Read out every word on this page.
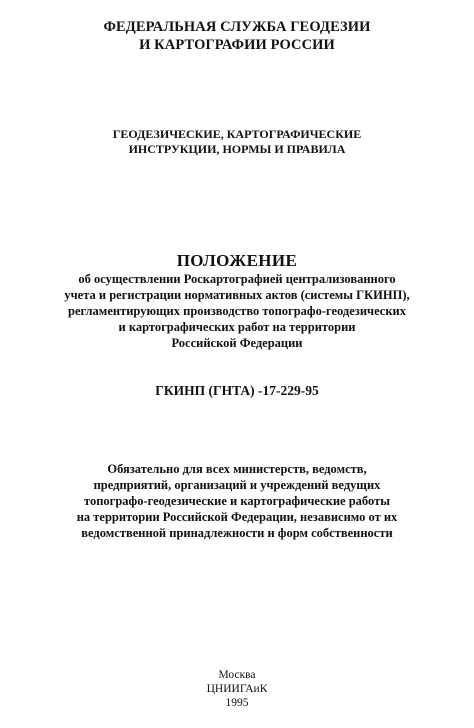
ФЕДЕРАЛЬНАЯ СЛУЖБА ГЕОДЕЗИИ
И КАРТОГРАФИИ РОССИИ
ГЕОДЕЗИЧЕСКИЕ, КАРТОГРАФИЧЕСКИЕ
ИНСТРУКЦИИ, НОРМЫ И ПРАВИЛА
ПОЛОЖЕНИЕ
об осуществлении Роскартографией централизованного
учета и регистрации нормативных актов (системы ГКИНП),
регламентирующих производство топографо-геодезических
и картографических работ на территории
Российской Федерации
ГКИНП (ГНТА) -17-229-95
Обязательно для всех министерств, ведомств,
предприятий, организаций и учреждений ведущих
топографо-геодезические и картографические работы
на территории Российской Федерации, независимо от их
ведомственной принадлежности и форм собственности
Москва
ЦНИИГАиК
1995
